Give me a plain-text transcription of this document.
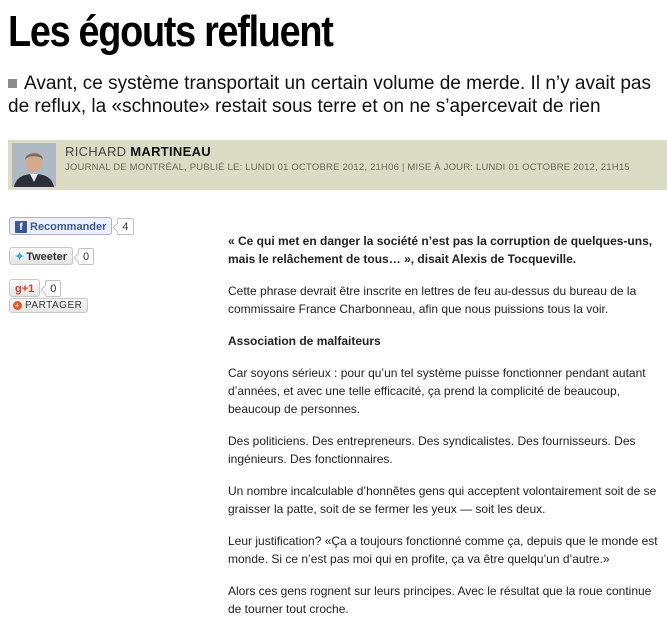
Les égouts refluent
Avant, ce système transportait un certain volume de merde. Il n’y avait pas de reflux, la «schnoute» restait sous terre et on ne s’apercevait de rien
RICHARD MARTINEAU
JOURNAL DE MONTRÉAL, PUBLIÉ LE: LUNDI 01 OCTOBRE 2012, 21H06 | MISE À JOUR: LUNDI 01 OCTOBRE 2012, 21H15
f Recommander 4
✦ Tweeter 0
g+1 0
+ PARTAGER

« Ce qui met en danger la société n’est pas la corruption de quelques-uns, mais le relâchement de tous… », disait Alexis de Tocqueville.

Cette phrase devrait être inscrite en lettres de feu au-dessus du bureau de la commissaire France Charbonneau, afin que nous puissions tous la voir.

Association de malfaiteurs

Car soyons sérieux : pour qu’un tel système puisse fonctionner pendant autant d’années, et avec une telle efficacité, ça prend la complicité de beaucoup, beaucoup de personnes.

Des politiciens. Des entrepreneurs. Des syndicalistes. Des fournisseurs. Des ingénieurs. Des fonctionnaires.

Un nombre incalculable d’honnêtes gens qui acceptent volontairement soit de se graisser la patte, soit de se fermer les yeux — soit les deux.

Leur justification? «Ça a toujours fonctionné comme ça, depuis que le monde est monde. Si ce n’est pas moi qui en profite, ça va être quelqu’un d’autre.»

Alors ces gens rognent sur leurs principes. Avec le résultat que la roue continue de tourner tout croche.
